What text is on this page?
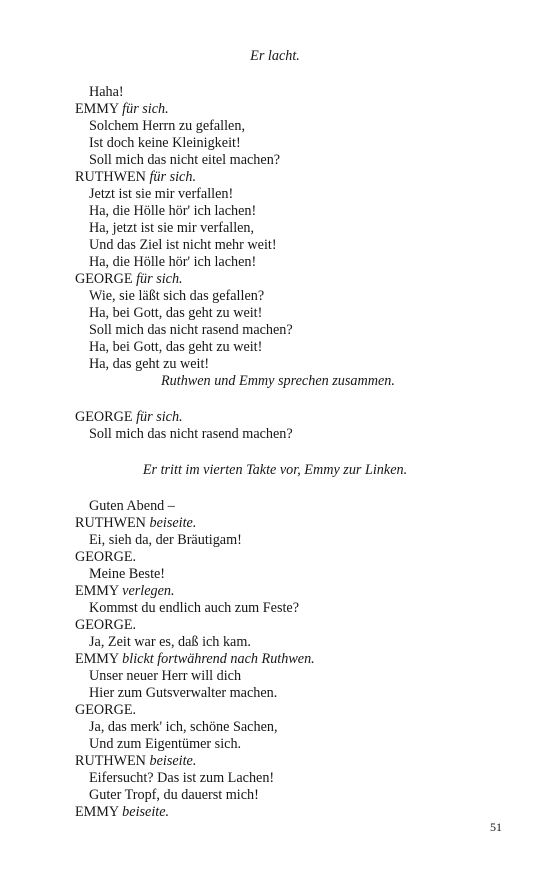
Er lacht.
Haha!
EMMY für sich.
Solchem Herrn zu gefallen,
Ist doch keine Kleinigkeit!
Soll mich das nicht eitel machen?
RUTHWEN für sich.
Jetzt ist sie mir verfallen!
Ha, die Hölle hör' ich lachen!
Ha, jetzt ist sie mir verfallen,
Und das Ziel ist nicht mehr weit!
Ha, die Hölle hör' ich lachen!
GEORGE für sich.
Wie, sie läßt sich das gefallen?
Ha, bei Gott, das geht zu weit!
Soll mich das nicht rasend machen?
Ha, bei Gott, das geht zu weit!
Ha, das geht zu weit!
Ruthwen und Emmy sprechen zusammen.
GEORGE für sich.
Soll mich das nicht rasend machen?
Er tritt im vierten Takte vor, Emmy zur Linken.
Guten Abend –
RUTHWEN beiseite.
Ei, sieh da, der Bräutigam!
GEORGE.
Meine Beste!
EMMY verlegen.
Kommst du endlich auch zum Feste?
GEORGE.
Ja, Zeit war es, daß ich kam.
EMMY blickt fortwährend nach Ruthwen.
Unser neuer Herr will dich
Hier zum Gutsverwalter machen.
GEORGE.
Ja, das merk' ich, schöne Sachen,
Und zum Eigentümer sich.
RUTHWEN beiseite.
Eifersucht? Das ist zum Lachen!
Guter Tropf, du dauerst mich!
EMMY beiseite.
51
